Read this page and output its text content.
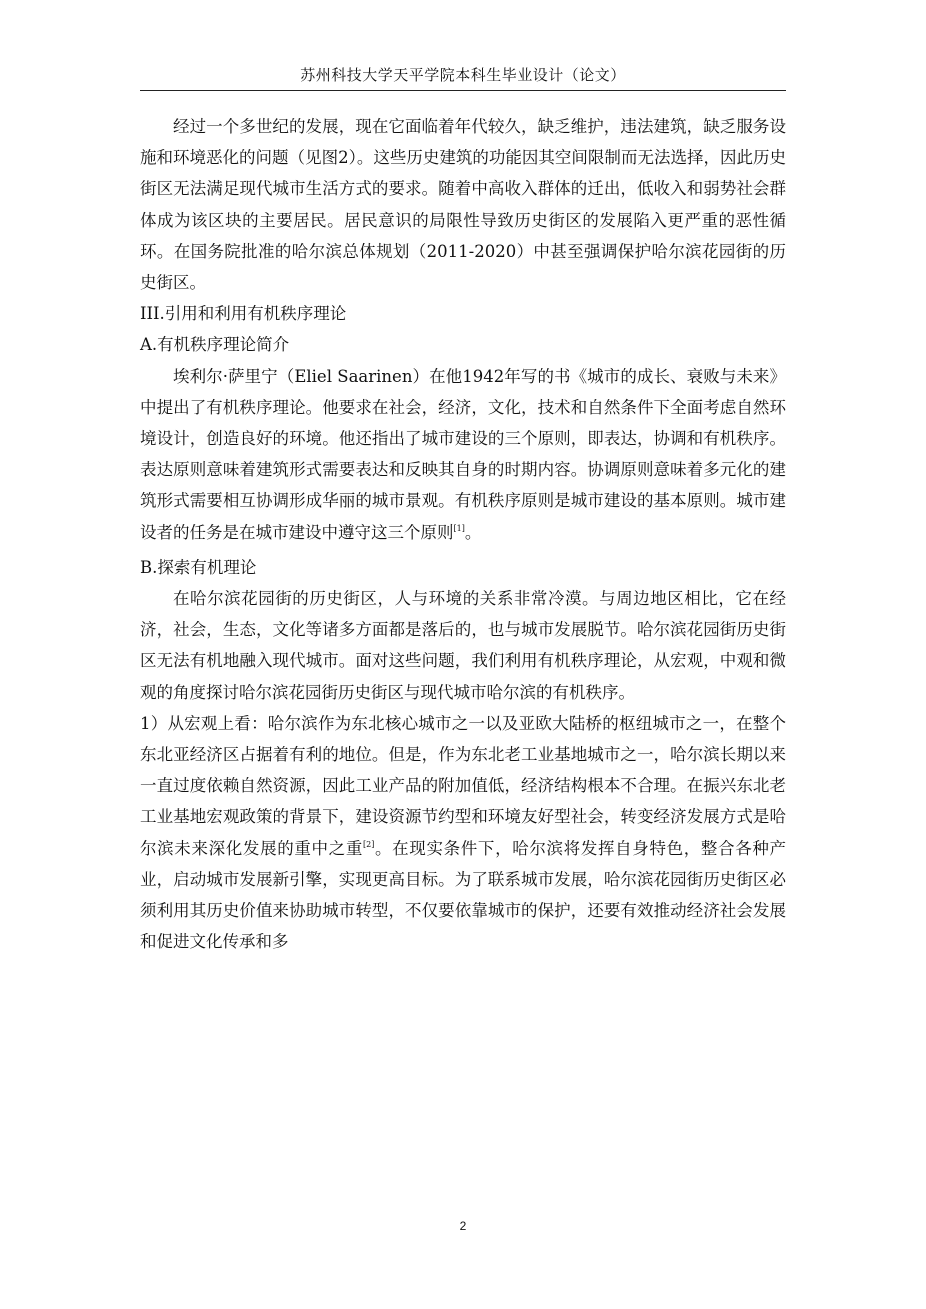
苏州科技大学天平学院本科生毕业设计（论文）

经过一个多世纪的发展，现在它面临着年代较久，缺乏维护，违法建筑，缺乏服务设施和环境恶化的问题（见图2）。这些历史建筑的功能因其空间限制而无法选择，因此历史街区无法满足现代城市生活方式的要求。随着中高收入群体的迁出，低收入和弱势社会群体成为该区块的主要居民。居民意识的局限性导致历史街区的发展陷入更严重的恶性循环。在国务院批准的哈尔滨总体规划（2011-2020）中甚至强调保护哈尔滨花园街的历史街区。

III.引用和利用有机秩序理论

A.有机秩序理论简介

埃利尔·萨里宁（Eliel Saarinen）在他1942年写的书《城市的成长、衰败与未来》中提出了有机秩序理论。他要求在社会，经济，文化，技术和自然条件下全面考虑自然环境设计，创造良好的环境。他还指出了城市建设的三个原则，即表达，协调和有机秩序。表达原则意味着建筑形式需要表达和反映其自身的时期内容。协调原则意味着多元化的建筑形式需要相互协调形成华丽的城市景观。有机秩序原则是城市建设的基本原则。城市建设者的任务是在城市建设中遵守这三个原则[1]。

B.探索有机理论

在哈尔滨花园街的历史街区，人与环境的关系非常冷漠。与周边地区相比，它在经济，社会，生态，文化等诸多方面都是落后的，也与城市发展脱节。哈尔滨花园街历史街区无法有机地融入现代城市。面对这些问题，我们利用有机秩序理论，从宏观，中观和微观的角度探讨哈尔滨花园街历史街区与现代城市哈尔滨的有机秩序。

1）从宏观上看：哈尔滨作为东北核心城市之一以及亚欧大陆桥的枢纽城市之一，在整个东北亚经济区占据着有利的地位。但是，作为东北老工业基地城市之一，哈尔滨长期以来一直过度依赖自然资源，因此工业产品的附加值低，经济结构根本不合理。在振兴东北老工业基地宏观政策的背景下，建设资源节约型和环境友好型社会，转变经济发展方式是哈尔滨未来深化发展的重中之重[2]。在现实条件下，哈尔滨将发挥自身特色，整合各种产业，启动城市发展新引擎，实现更高目标。为了联系城市发展，哈尔滨花园街历史街区必须利用其历史价值来协助城市转型，不仅要依靠城市的保护，还要有效推动经济社会发展和促进文化传承和多

2
